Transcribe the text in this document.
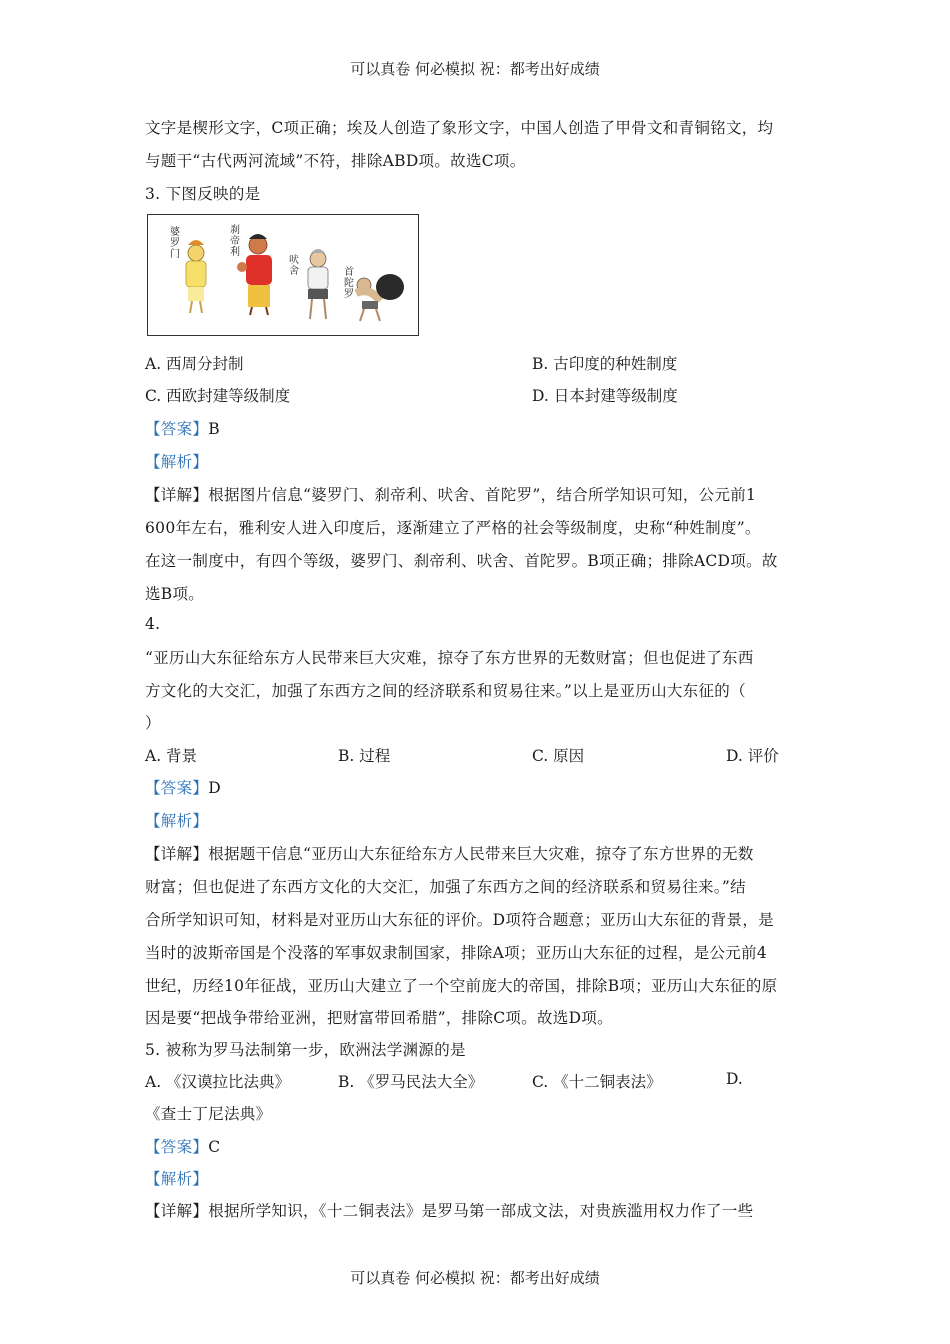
可以真卷 何必模拟 祝：都考出好成绩
文字是楔形文字，C项正确；埃及人创造了象形文字，中国人创造了甲骨文和青铜铭文，均
与题干“古代两河流域”不符，排除ABD项。故选C项。
3. 下图反映的是
婆罗门
刹帝利
吠舍	首陀罗
A. 西周分封制	B. 古印度的种姓制度
C. 西欧封建等级制度	D. 日本封建等级制度
【答案】B
【解析】
【详解】根据图片信息“婆罗门、刹帝利、吠舍、首陀罗”，结合所学知识可知，公元前1
600年左右，雅利安人进入印度后，逐渐建立了严格的社会等级制度，史称“种姓制度”。
在这一制度中，有四个等级，婆罗门、刹帝利、吠舍、首陀罗。B项正确；排除ACD项。故
选B项。
4.
“亚历山大东征给东方人民带来巨大灾难，掠夺了东方世界的无数财富；但也促进了东西
方文化的大交汇，加强了东西方之间的经济联系和贸易往来。”以上是亚历山大东征的（
）
A. 背景	B. 过程	C. 原因	D. 评价
【答案】D
【解析】
【详解】根据题干信息“亚历山大东征给东方人民带来巨大灾难，掠夺了东方世界的无数
财富；但也促进了东西方文化的大交汇，加强了东西方之间的经济联系和贸易往来。”结
合所学知识可知，材料是对亚历山大东征的评价。D项符合题意；亚历山大东征的背景，是
当时的波斯帝国是个没落的军事奴隶制国家，排除A项；亚历山大东征的过程，是公元前4
世纪，历经10年征战，亚历山大建立了一个空前庞大的帝国，排除B项；亚历山大东征的原
因是要“把战争带给亚洲，把财富带回希腊”，排除C项。故选D项。
5. 被称为罗马法制第一步，欧洲法学渊源的是
A. 《汉谟拉比法典》	B. 《罗马民法大全》	C. 《十二铜表法》	D.
《查士丁尼法典》
【答案】C
【解析】
【详解】根据所学知识，《十二铜表法》是罗马第一部成文法，对贵族滥用权力作了一些
可以真卷 何必模拟 祝：都考出好成绩
